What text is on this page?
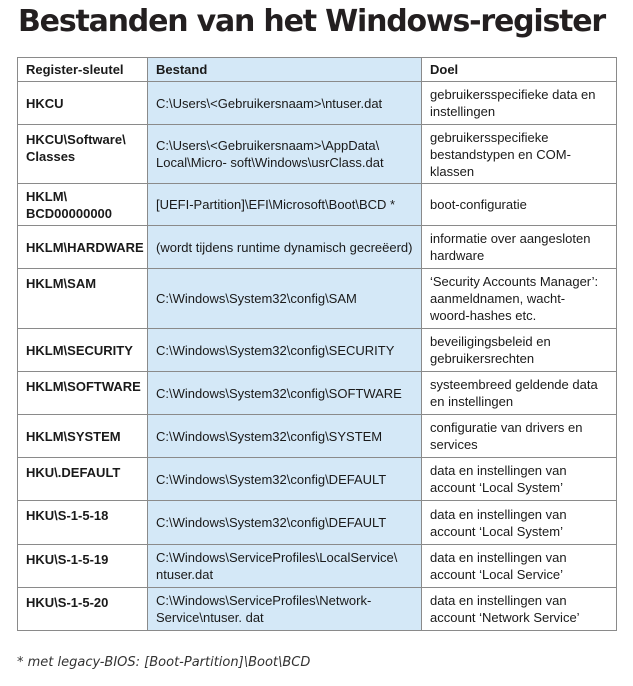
Bestanden van het Windows-register
Register-sleutel	Bestand	Doel
HKCU	C:\Users\<Gebruikersnaam>\ntuser.dat	gebruikersspecifieke data en instellingen
HKCU\Software\ Classes	C:\Users\<Gebruikersnaam>\AppData\ Local\Micro- soft\Windows\usrClass.dat	gebruikersspecifieke bestandstypen en COM-klassen
HKLM\ BCD00000000	[UEFI-Partition]\EFI\Microsoft\Boot\BCD *	boot-configuratie
HKLM\HARDWARE	(wordt tijdens runtime dynamisch gecreëerd)	informatie over aangesloten hardware
HKLM\SAM	C:\Windows\System32\config\SAM	‘Security Accounts Manager’: aanmeldnamen, wacht- woord-hashes etc.
HKLM\SECURITY	C:\Windows\System32\config\SECURITY	beveiligingsbeleid en gebruikersrechten
HKLM\SOFTWARE	C:\Windows\System32\config\SOFTWARE	systeembreed geldende data en instellingen
HKLM\SYSTEM	C:\Windows\System32\config\SYSTEM	configuratie van drivers en services
HKU\.DEFAULT	C:\Windows\System32\config\DEFAULT	data en instellingen van account ‘Local System’
HKU\S-1-5-18	C:\Windows\System32\config\DEFAULT	data en instellingen van account ‘Local System’
HKU\S-1-5-19	C:\Windows\ServiceProfiles\LocalService\ ntuser.dat	data en instellingen van account ‘Local Service’
HKU\S-1-5-20	C:\Windows\ServiceProfiles\Network- Service\ntuser. dat	data en instellingen van account ‘Network Service’
* met legacy-BIOS: [Boot-Partition]\Boot\BCD
